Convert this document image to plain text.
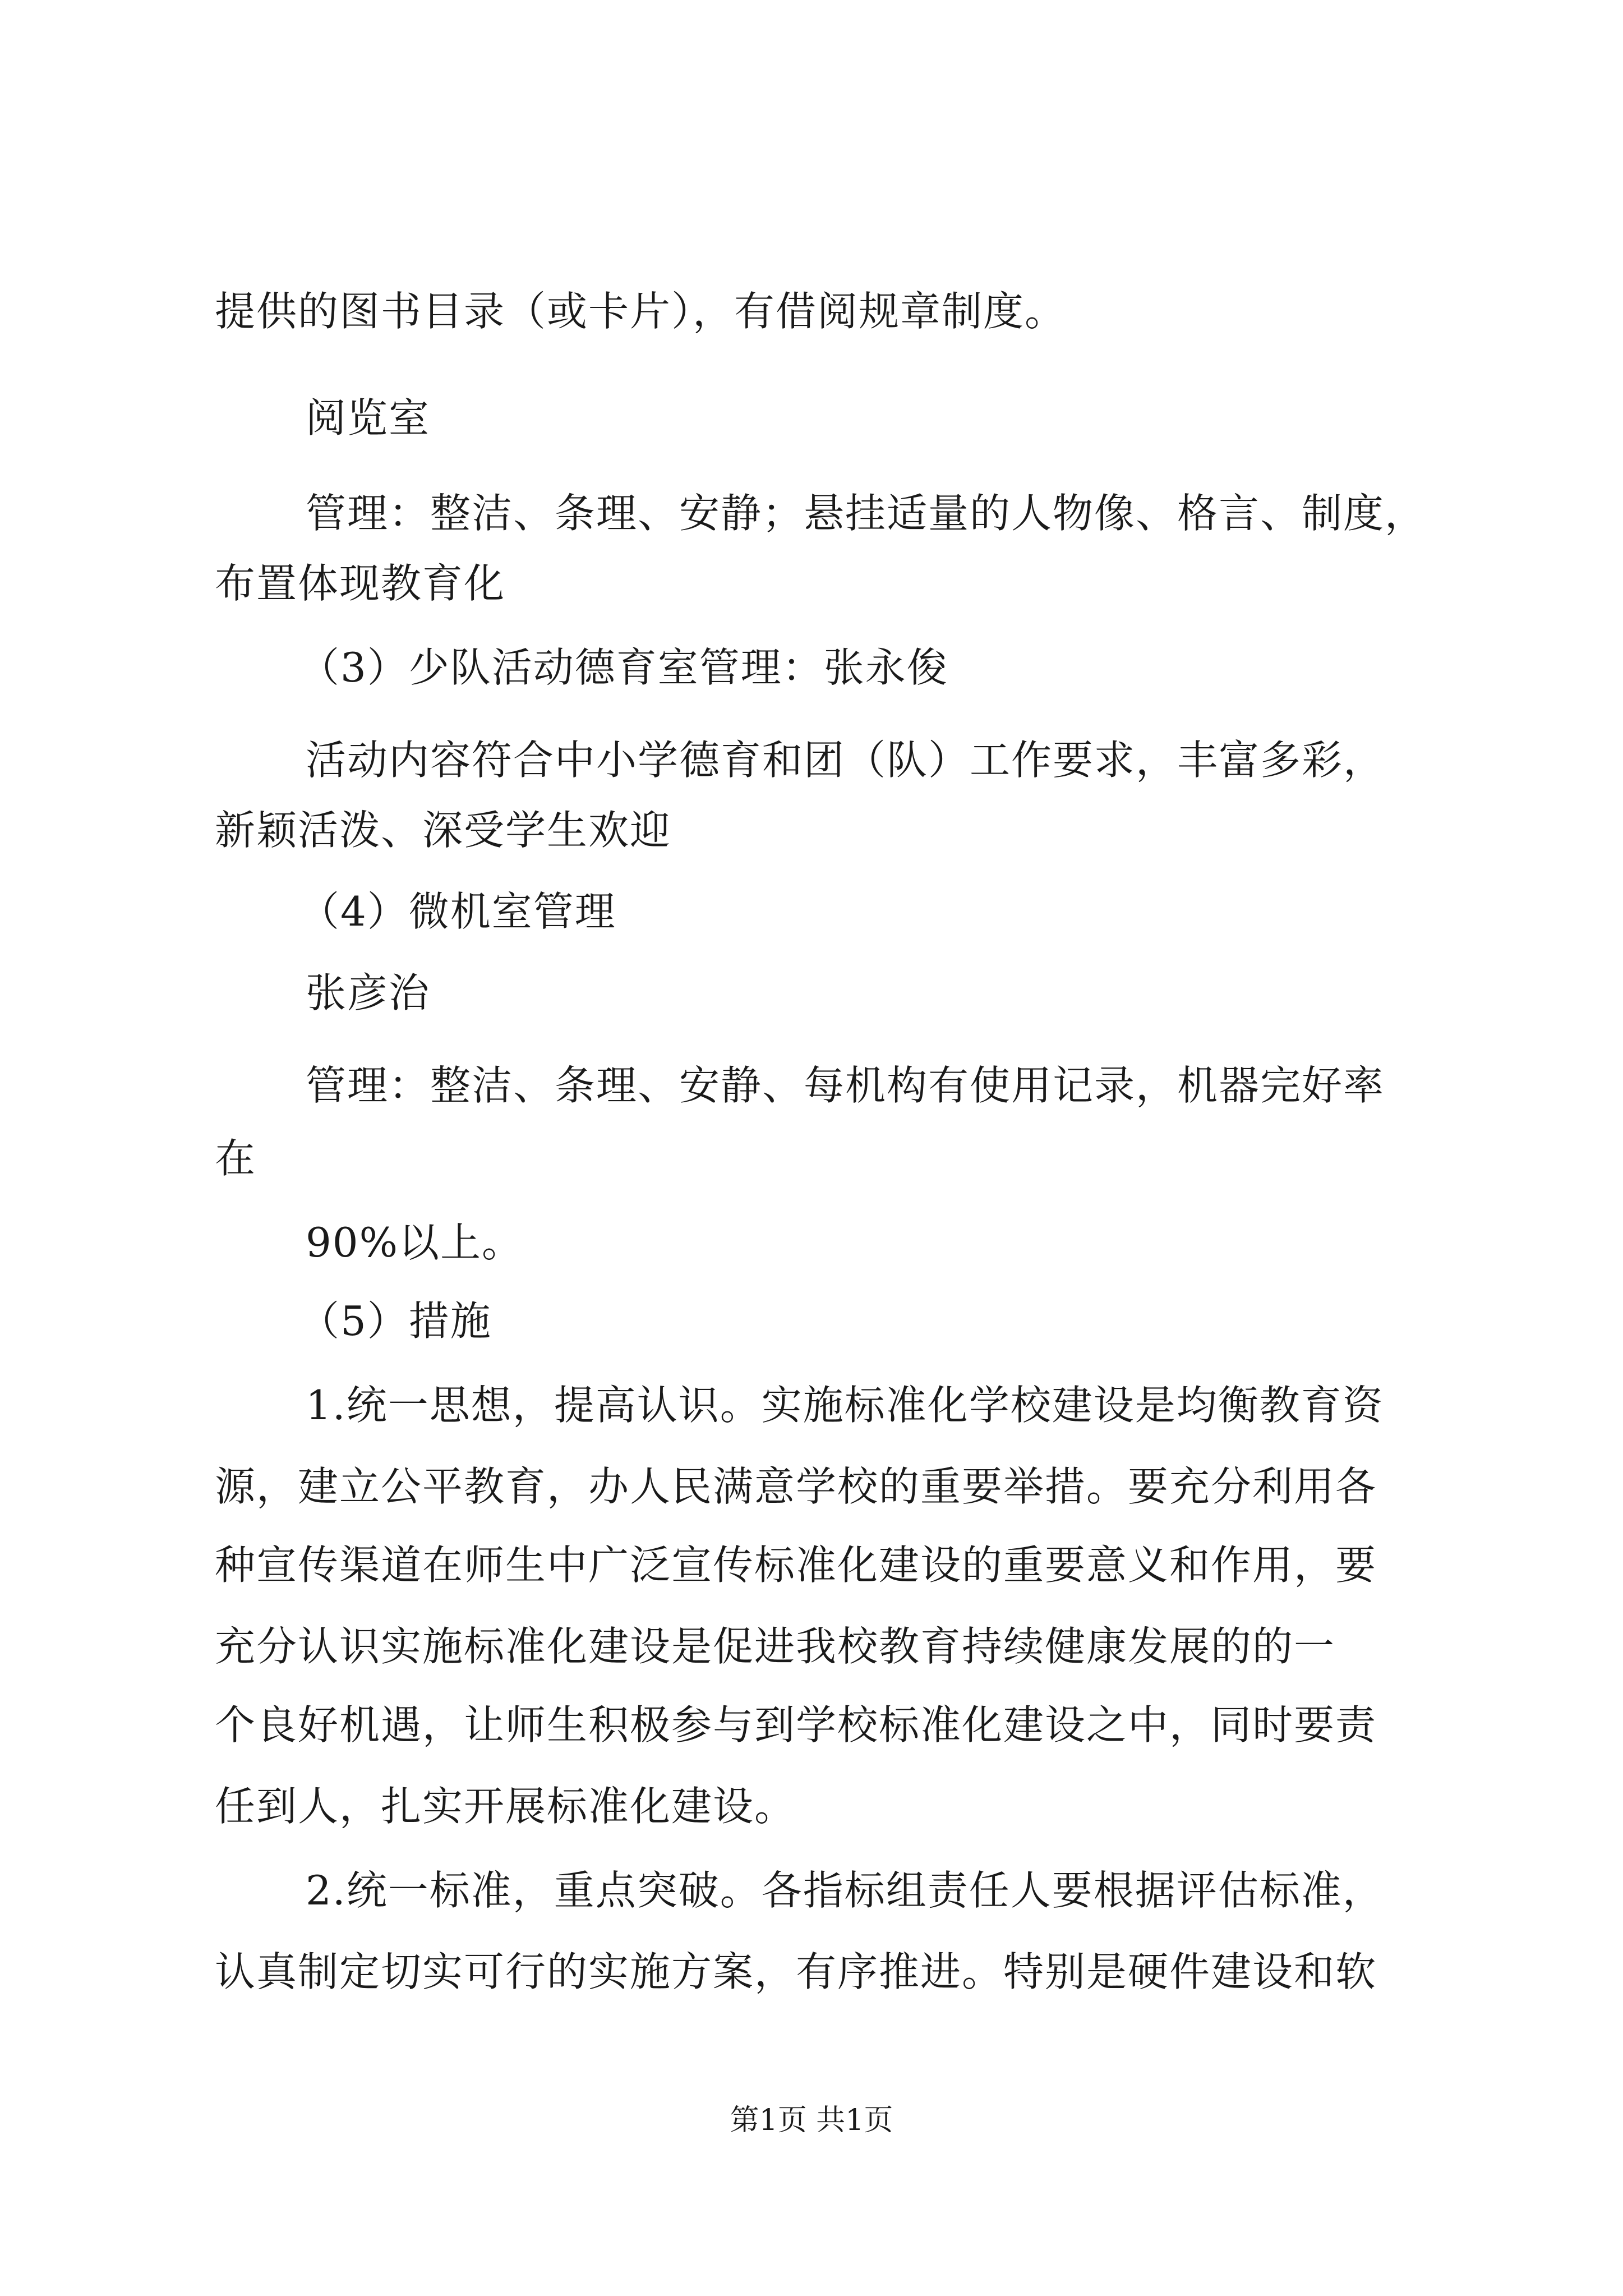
提供的图书目录（或卡片），有借阅规章制度。
阅览室
管理：整洁、条理、安静；悬挂适量的人物像、格言、制度，
布置体现教育化
（3）少队活动德育室管理：张永俊
活动内容符合中小学德育和团（队）工作要求，丰富多彩，
新颖活泼、深受学生欢迎
（4）微机室管理
张彦治
管理：整洁、条理、安静、每机构有使用记录，机器完好率
在
90%以上。
（5）措施
1.统一思想，提高认识。实施标准化学校建设是均衡教育资
源，建立公平教育，办人民满意学校的重要举措。要充分利用各
种宣传渠道在师生中广泛宣传标准化建设的重要意义和作用，要
充分认识实施标准化建设是促进我校教育持续健康发展的的一
个良好机遇，让师生积极参与到学校标准化建设之中，同时要责
任到人，扎实开展标准化建设。
2.统一标准，重点突破。各指标组责任人要根据评估标准，
认真制定切实可行的实施方案，有序推进。特别是硬件建设和软
第1页 共1页
